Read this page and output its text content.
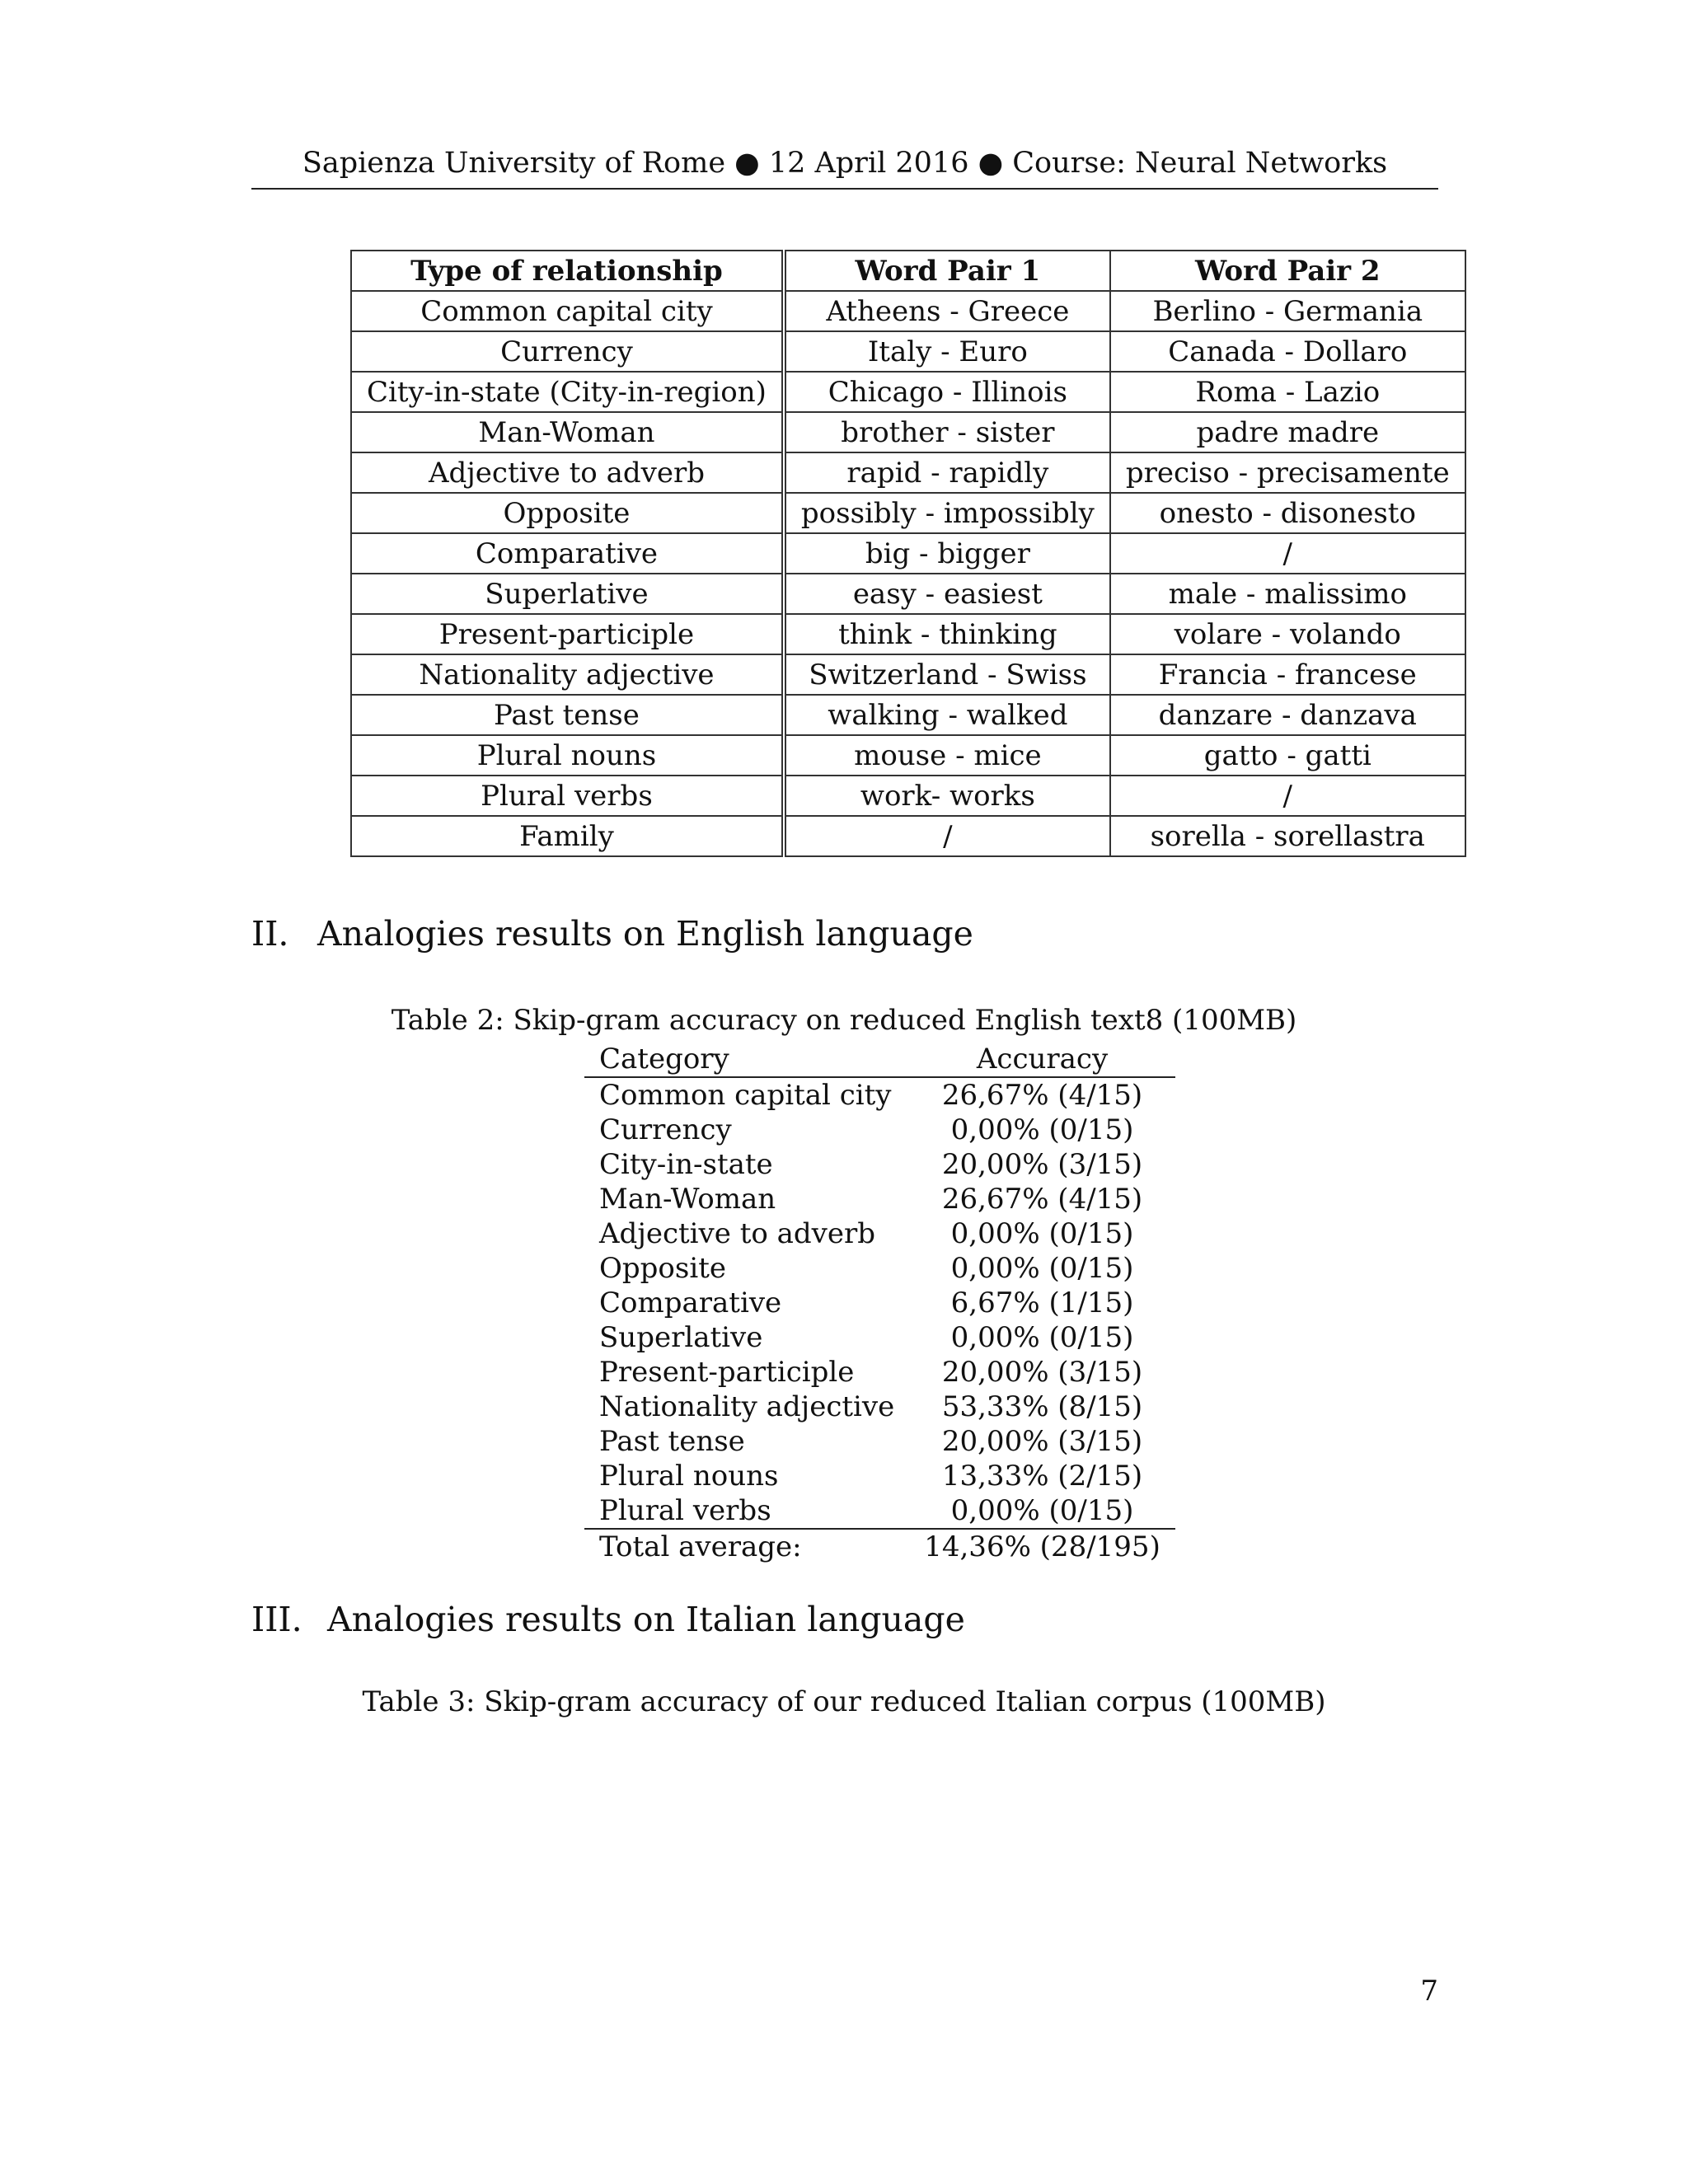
Sapienza University of Rome ● 12 April 2016 ● Course: Neural Networks
Type of relationship	Word Pair 1	Word Pair 2
Common capital city	Atheens - Greece	Berlino - Germania
Currency	Italy - Euro	Canada - Dollaro
City-in-state (City-in-region)	Chicago - Illinois	Roma - Lazio
Man-Woman	brother - sister	padre madre
Adjective to adverb	rapid - rapidly	preciso - precisamente
Opposite	possibly - impossibly	onesto - disonesto
Comparative	big - bigger	/
Superlative	easy - easiest	male - malissimo
Present-participle	think - thinking	volare - volando
Nationality adjective	Switzerland - Swiss	Francia - francese
Past tense	walking - walked	danzare - danzava
Plural nouns	mouse - mice	gatto - gatti
Plural verbs	work- works	/
Family	/	sorella - sorellastra
II. Analogies results on English language
Table 2: Skip-gram accuracy on reduced English text8 (100MB)
Category	Accuracy
Common capital city	26,67% (4/15)
Currency	0,00% (0/15)
City-in-state	20,00% (3/15)
Man-Woman	26,67% (4/15)
Adjective to adverb	0,00% (0/15)
Opposite	0,00% (0/15)
Comparative	6,67% (1/15)
Superlative	0,00% (0/15)
Present-participle	20,00% (3/15)
Nationality adjective	53,33% (8/15)
Past tense	20,00% (3/15)
Plural nouns	13,33% (2/15)
Plural verbs	0,00% (0/15)
Total average:	14,36% (28/195)
III. Analogies results on Italian language
Table 3: Skip-gram accuracy of our reduced Italian corpus (100MB)
7
